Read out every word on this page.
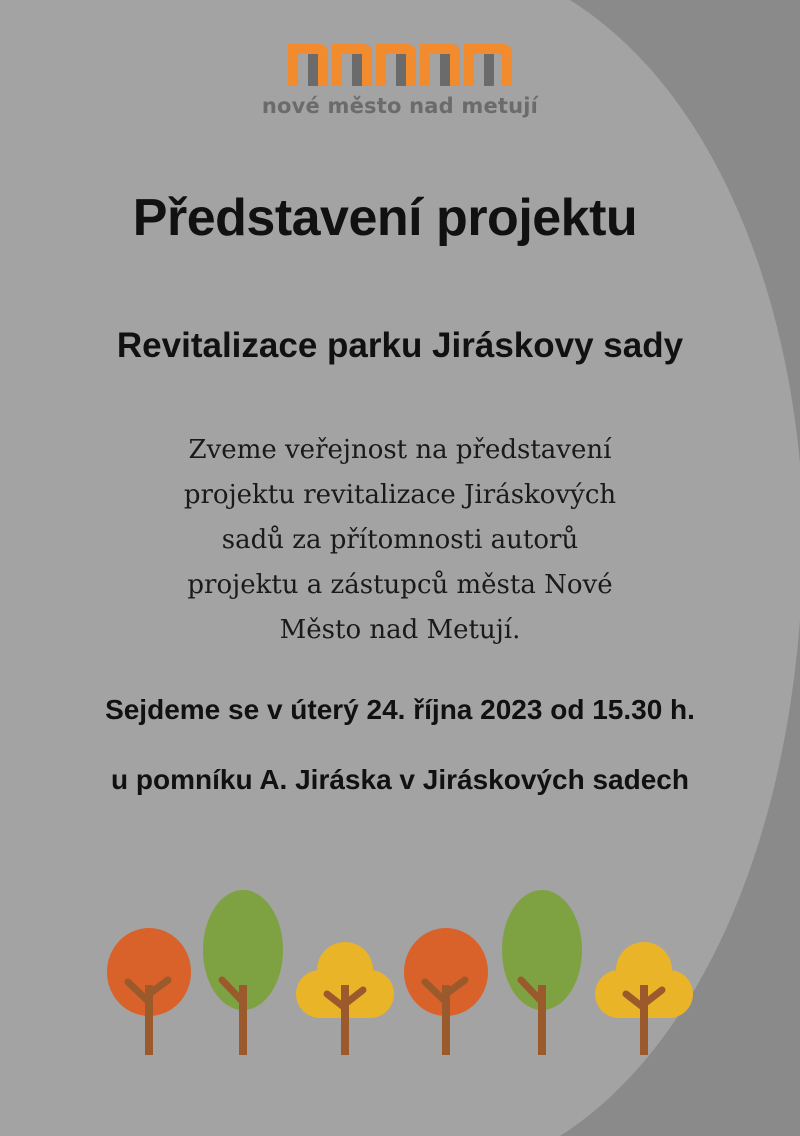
nové město nad metují
Představení projektu
Revitalizace parku Jiráskovy sady
Zveme veřejnost na představení
projektu revitalizace Jiráskových
sadů za přítomnosti autorů
projektu a zástupců města Nové
Město nad Metují.
Sejdeme se v úterý 24. října 2023 od 15.30 h.
u pomníku A. Jiráska v Jiráskových sadech
